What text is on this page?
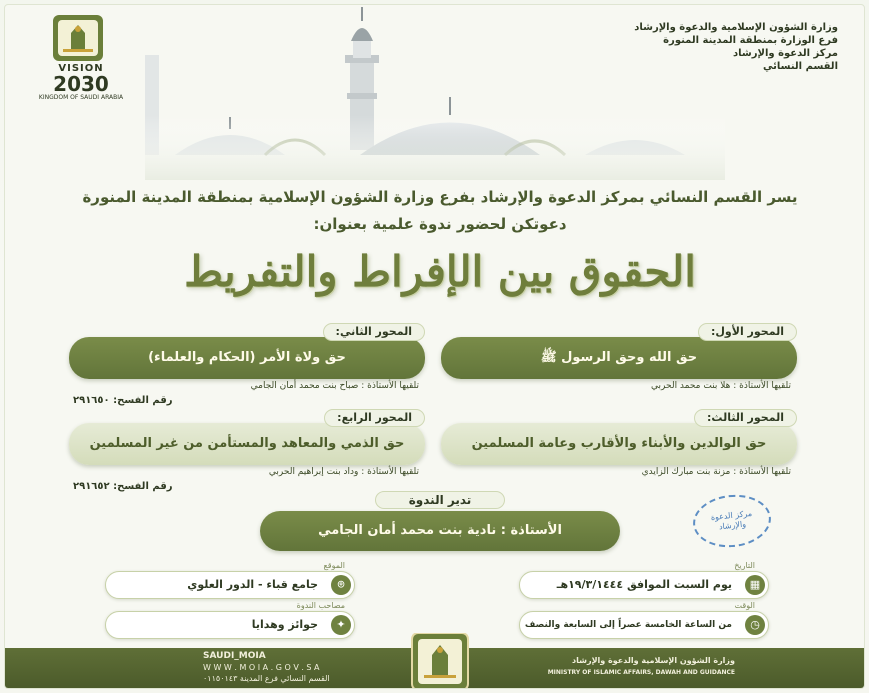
VISION
2030
KINGDOM OF SAUDI ARABIA
وزارة الشؤون الإسلامية والدعوة والإرشاد
فرع الوزارة بمنطقة المدينة المنورة
مركز الدعوة والإرشاد
القسم النسائي
يسر القسم النسائي بمركز الدعوة والإرشاد بفرع وزارة الشؤون الإسلامية بمنطقة المدينة المنورة
دعوتكن لحضور ندوة علمية بعنوان:
الحقوق بين الإفراط والتفريط
حق الله وحق الرسول ﷺ
المحور الأول:
تلقيها الأستاذة : هلا بنت محمد الحربي
حق ولاة الأمر (الحكام والعلماء)
المحور الثاني:
تلقيها الأستاذة : صباح بنت محمد أمان الجامي
رقم الفسح: ٢٩١٦٥٠
حق الوالدين والأبناء والأقارب وعامة المسلمين
المحور الثالث:
تلقيها الأستاذة : مزنة بنت مبارك الزايدي
حق الذمي والمعاهد والمستأمن من غير المسلمين
المحور الرابع:
تلقيها الأستاذة : وداد بنت إبراهيم الحربي
رقم الفسح: ٢٩١٦٥٢
تدير الندوة
الأستاذة : نادية بنت محمد أمان الجامي
مركز الدعوة
والإرشاد
التاريخ
▦
يوم السبت الموافق ١٩/٣/١٤٤٤هـ
الوقت
◷
من الساعة الخامسة عصراً إلى السابعة والنصف
الموقع
⌾
جامع قباء - الدور العلوي
مصاحب الندوة
✦
جوائز وهدايا
SAUDI_MOIA
W W W . M O I A . G O V . S A
القسم النسائي فرع المدينة ٠١١٥٠١٤٣
وزارة الشؤون الإسلامية والدعوة والإرشاد
MINISTRY OF ISLAMIC AFFAIRS, DAWAH AND GUIDANCE
